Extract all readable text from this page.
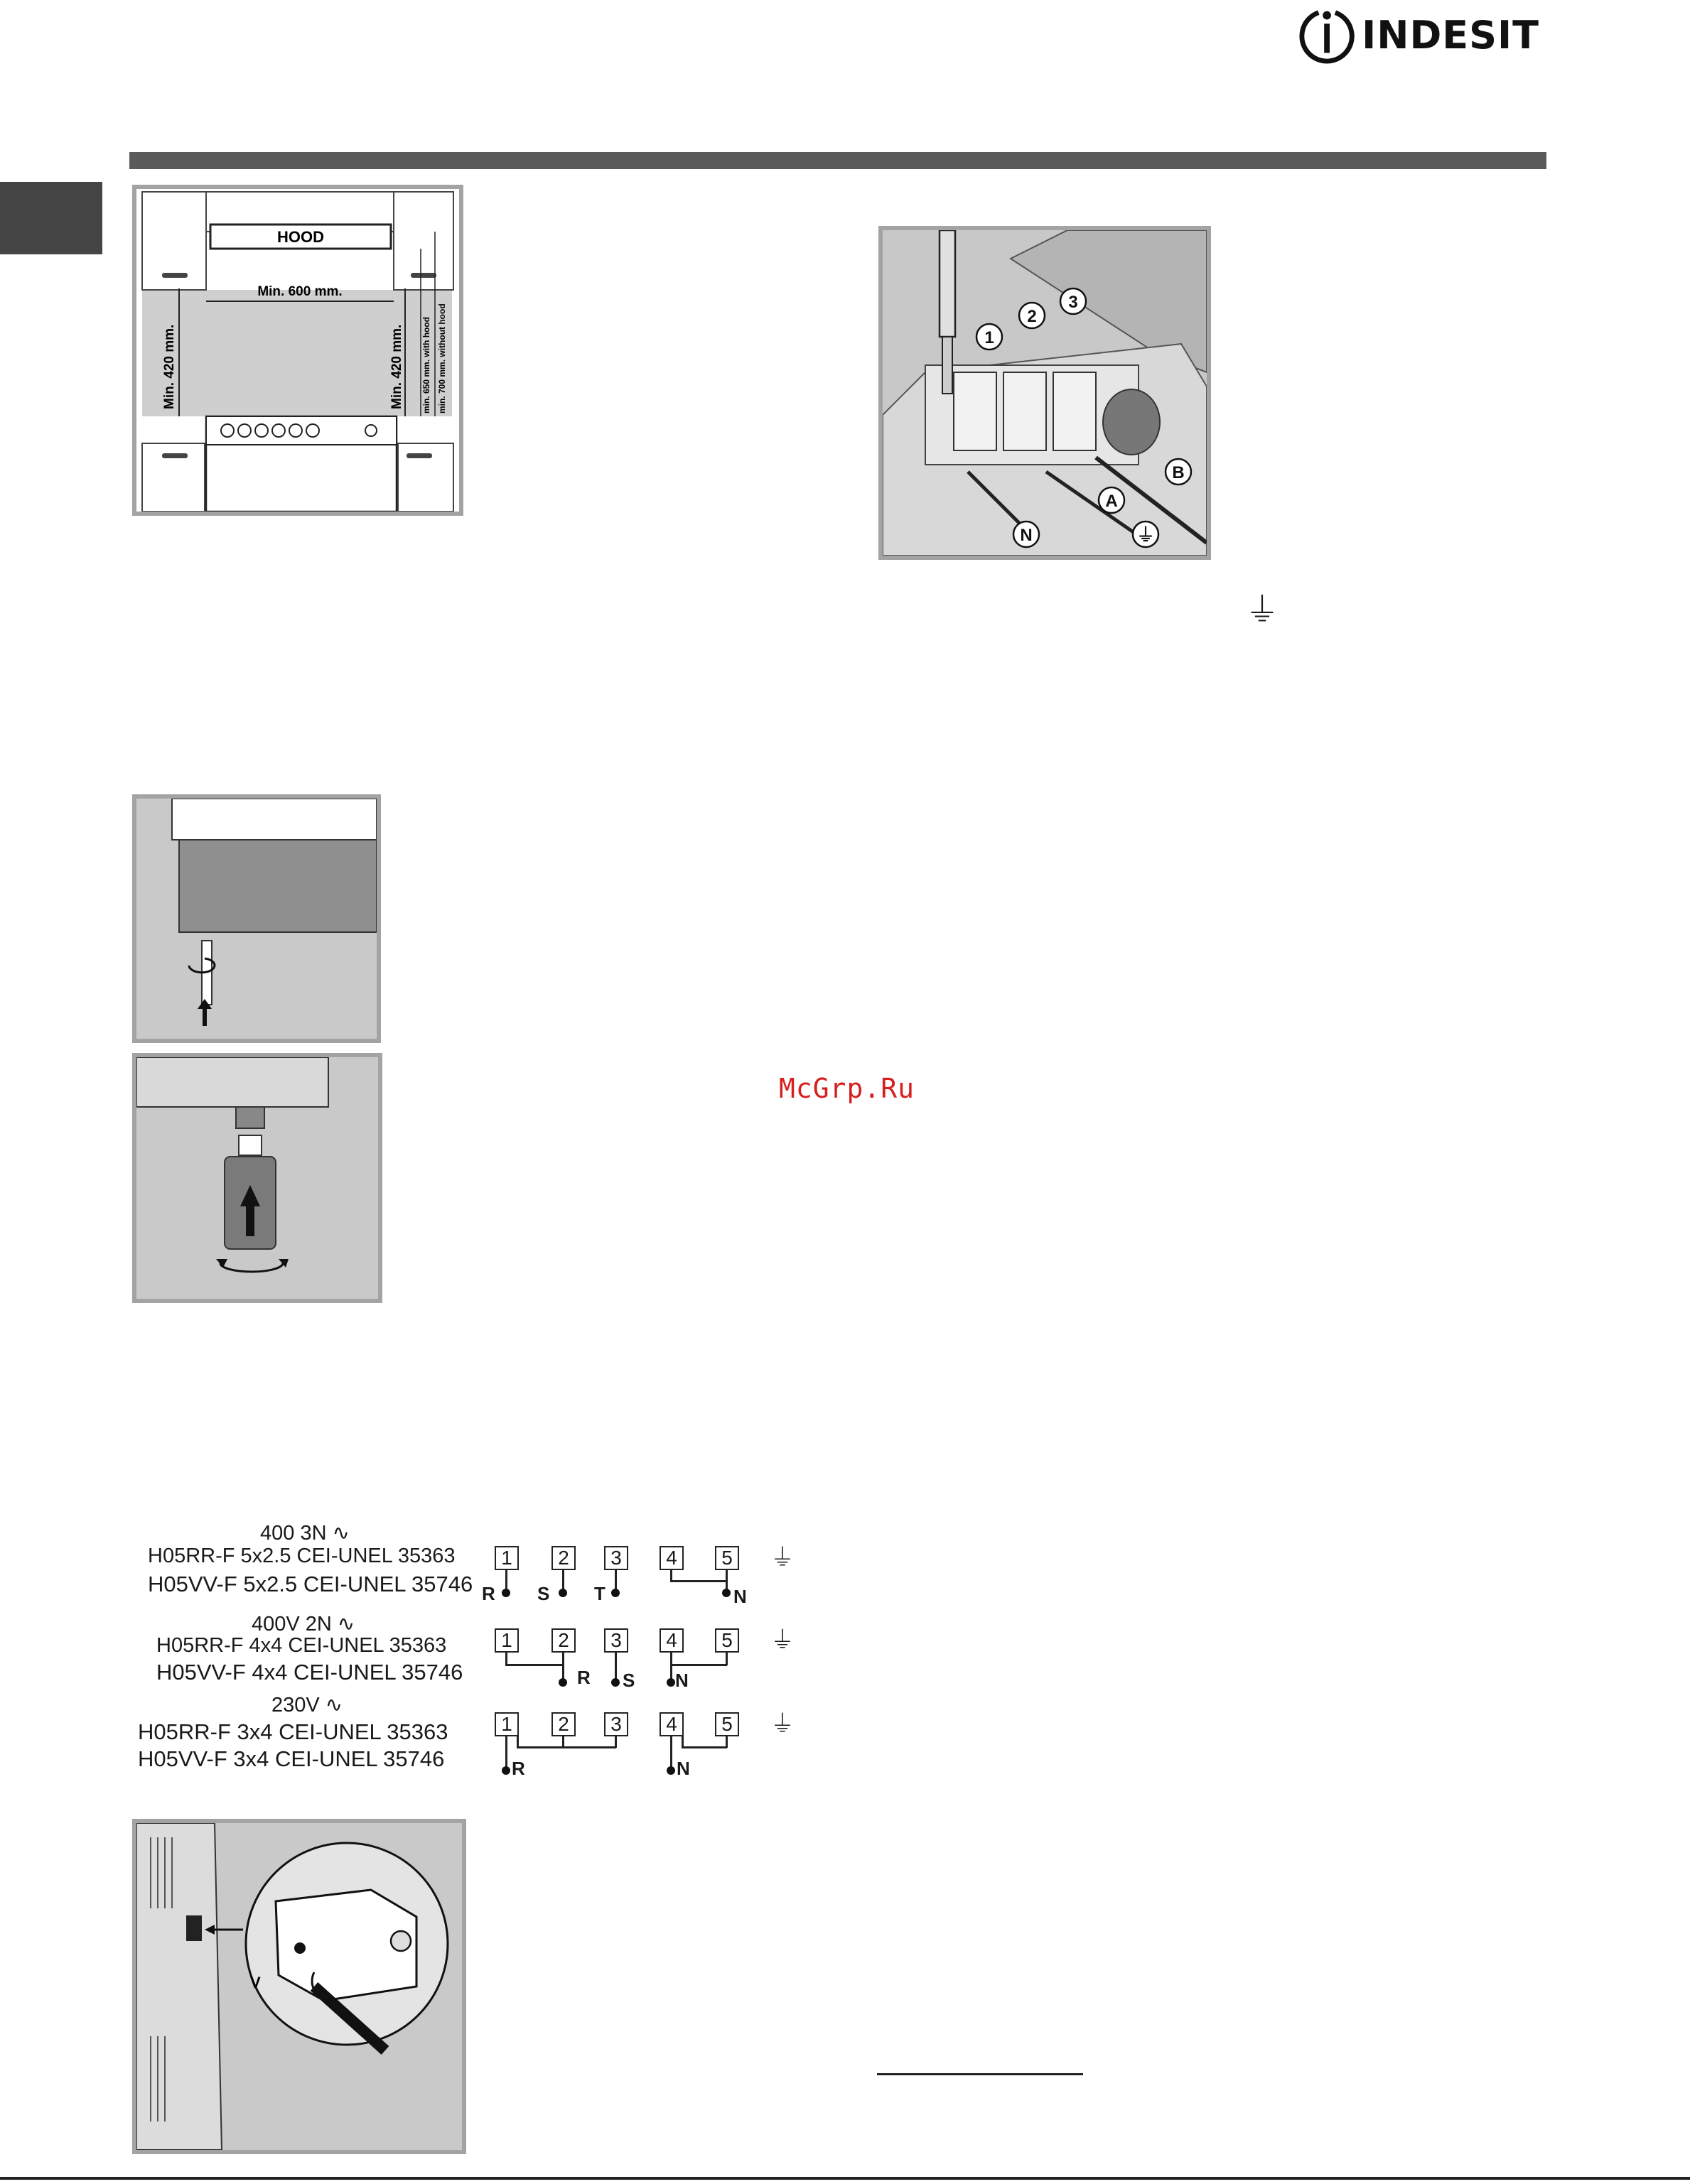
INDESIT
HOOD
Min. 600 mm.
Min. 420 mm.	Min. 420 mm. min. 650 mm. with hood min. 700 mm. without hood	1
2
3
A
B
N	⏚
⏚
McGrp.Ru
400 3N ∿
H05RR-F 5x2.5 CEI-UNEL 35363
H05VV-F 5x2.5 CEI-UNEL 35746
1	2	3	4	5
R S T	N
⏚
400V 2N ∿
H05RR-F 4x4 CEI-UNEL 35363
H05VV-F 4x4 CEI-UNEL 35746
1	2	3	4	5
R S N
⏚
230V ∿
H05RR-F 3x4 CEI-UNEL 35363
H05VV-F 3x4 CEI-UNEL 35746
1	2	3	4	5
R	N
⏚
V
